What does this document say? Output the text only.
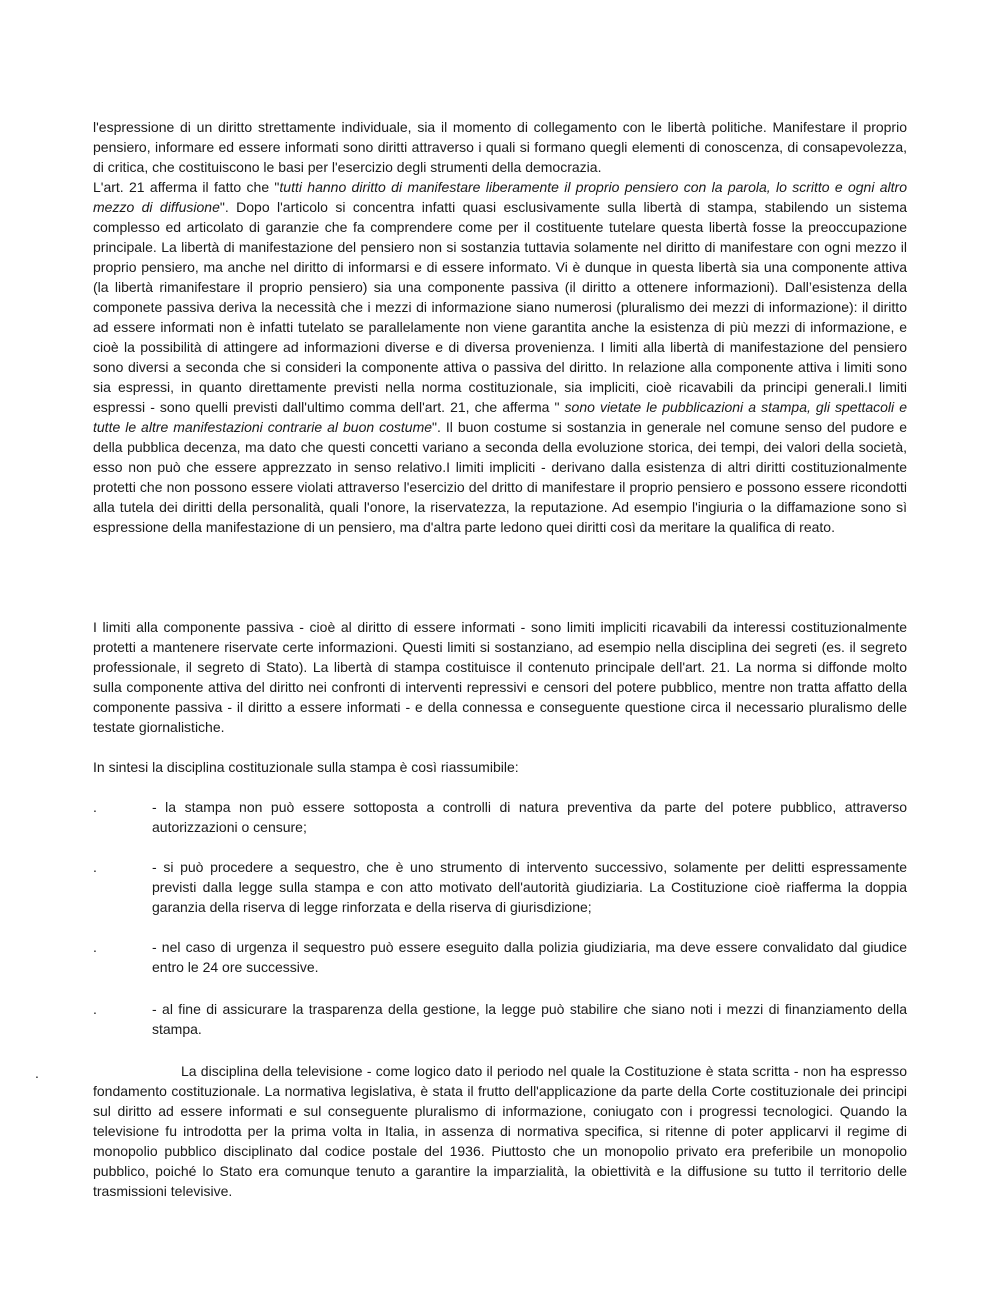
l'espressione di un diritto strettamente individuale, sia il momento di collegamento con le libertà politiche. Manifestare il proprio pensiero, informare ed essere informati sono diritti attraverso i quali si formano quegli elementi di conoscenza, di consapevolezza, di critica, che costituiscono le basi per l'esercizio degli strumenti della democrazia.

L'art. 21 afferma il fatto che "tutti hanno diritto di manifestare liberamente il proprio pensiero con la parola, lo scritto e ogni altro mezzo di diffusione". Dopo l'articolo si concentra infatti quasi esclusivamente sulla libertà di stampa, stabilendo un sistema complesso ed articolato di garanzie che fa comprendere come per il costituente tutelare questa libertà fosse la preoccupazione principale. La libertà di manifestazione del pensiero non si sostanzia tuttavia solamente nel diritto di manifestare con ogni mezzo il proprio pensiero, ma anche nel diritto di informarsi e di essere informato. Vi è dunque in questa libertà sia una componente attiva (la libertà rimanifestare il proprio pensiero) sia una componente passiva (il diritto a ottenere informazioni). Dall’esistenza della componete passiva deriva la necessità che i mezzi di informazione siano numerosi (pluralismo dei mezzi di informazione): il diritto ad essere informati non è infatti tutelato se parallelamente non viene garantita anche la esistenza di più mezzi di informazione, e cioè la possibilità di attingere ad informazioni diverse e di diversa provenienza. I limiti alla libertà di manifestazione del pensiero sono diversi a seconda che si consideri la componente attiva o passiva del diritto. In relazione alla componente attiva i limiti sono sia espressi, in quanto direttamente previsti nella norma costituzionale, sia impliciti, cioè ricavabili da principi generali.I limiti espressi - sono quelli previsti dall'ultimo comma dell'art. 21, che afferma " sono vietate le pubblicazioni a stampa, gli spettacoli e tutte le altre manifestazioni contrarie al buon costume". Il buon costume si sostanzia in generale nel comune senso del pudore e della pubblica decenza, ma dato che questi concetti variano a seconda della evoluzione storica, dei tempi, dei valori della società, esso non può che essere apprezzato in senso relativo.I limiti impliciti - derivano dalla esistenza di altri diritti costituzionalmente protetti che non possono essere violati attraverso l'esercizio del dritto di manifestare il proprio pensiero e possono essere ricondotti alla tutela dei diritti della personalità, quali l'onore, la riservatezza, la reputazione. Ad esempio l'ingiuria o la diffamazione sono sì espressione della manifestazione di un pensiero, ma d'altra parte ledono quei diritti così da meritare la qualifica di reato.

I limiti alla componente passiva - cioè al diritto di essere informati - sono limiti impliciti ricavabili da interessi costituzionalmente protetti a mantenere riservate certe informazioni. Questi limiti si sostanziano, ad esempio nella disciplina dei segreti (es. il segreto professionale, il segreto di Stato). La libertà di stampa costituisce il contenuto principale dell'art. 21. La norma si diffonde molto sulla componente attiva del diritto nei confronti di interventi repressivi e censori del potere pubblico, mentre non tratta affatto della componente passiva - il diritto a essere informati - e della connessa e conseguente questione circa il necessario pluralismo delle testate giornalistiche.

In sintesi la disciplina costituzionale sulla stampa è così riassumibile:

.	- la stampa non può essere sottoposta a controlli di natura preventiva da parte del potere pubblico, attraverso autorizzazioni o censure;
.	- si può procedere a sequestro, che è uno strumento di intervento successivo, solamente per delitti espressamente previsti dalla legge sulla stampa e con atto motivato dell'autorità giudiziaria. La Costituzione cioè riafferma la doppia garanzia della riserva di legge rinforzata e della riserva di giurisdizione;
.	- nel caso di urgenza il sequestro può essere eseguito dalla polizia giudiziaria, ma deve essere convalidato dal giudice entro le 24 ore successive.
.	- al fine di assicurare la trasparenza della gestione, la legge può stabilire che siano noti i mezzi di finanziamento della stampa.
.	La disciplina della televisione - come logico dato il periodo nel quale la Costituzione è stata scritta - non ha espresso fondamento costituzionale. La normativa legislativa, è stata il frutto dell'applicazione da parte della Corte costituzionale dei principi sul diritto ad essere informati e sul conseguente pluralismo di informazione, coniugato con i progressi tecnologici. Quando la televisione fu introdotta per la prima volta in Italia, in assenza di normativa specifica, si ritenne di poter applicarvi il regime di monopolio pubblico disciplinato dal codice postale del 1936. Piuttosto che un monopolio privato era preferibile un monopolio pubblico, poiché lo Stato era comunque tenuto a garantire la imparzialità, la obiettività e la diffusione su tutto il territorio delle trasmissioni televisive.
